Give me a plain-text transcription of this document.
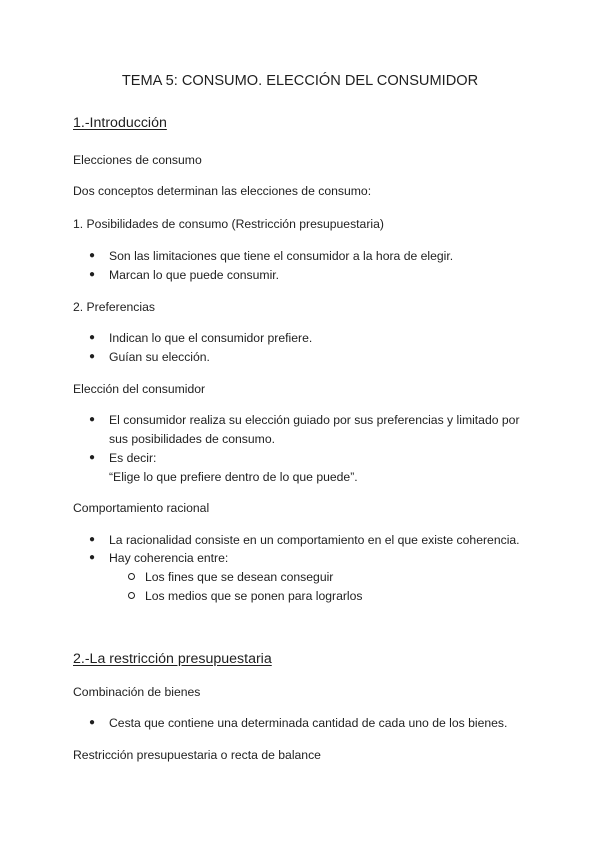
TEMA 5: CONSUMO. ELECCIÓN DEL CONSUMIDOR
1.-Introducción
Elecciones de consumo
Dos conceptos determinan las elecciones de consumo:
1. Posibilidades de consumo (Restricción presupuestaria)
● Son las limitaciones que tiene el consumidor a la hora de elegir.
● Marcan lo que puede consumir.
2. Preferencias
● Indican lo que el consumidor prefiere.
● Guían su elección.
Elección del consumidor
● El consumidor realiza su elección guiado por sus preferencias y limitado por
sus posibilidades de consumo.
● Es decir:
“Elige lo que prefiere dentro de lo que puede”.
Comportamiento racional
● La racionalidad consiste en un comportamiento en el que existe coherencia.
● Hay coherencia entre:
Los fines que se desean conseguir
Los medios que se ponen para lograrlos
2.-La restricción presupuestaria
Combinación de bienes
● Cesta que contiene una determinada cantidad de cada uno de los bienes.
Restricción presupuestaria o recta de balance
